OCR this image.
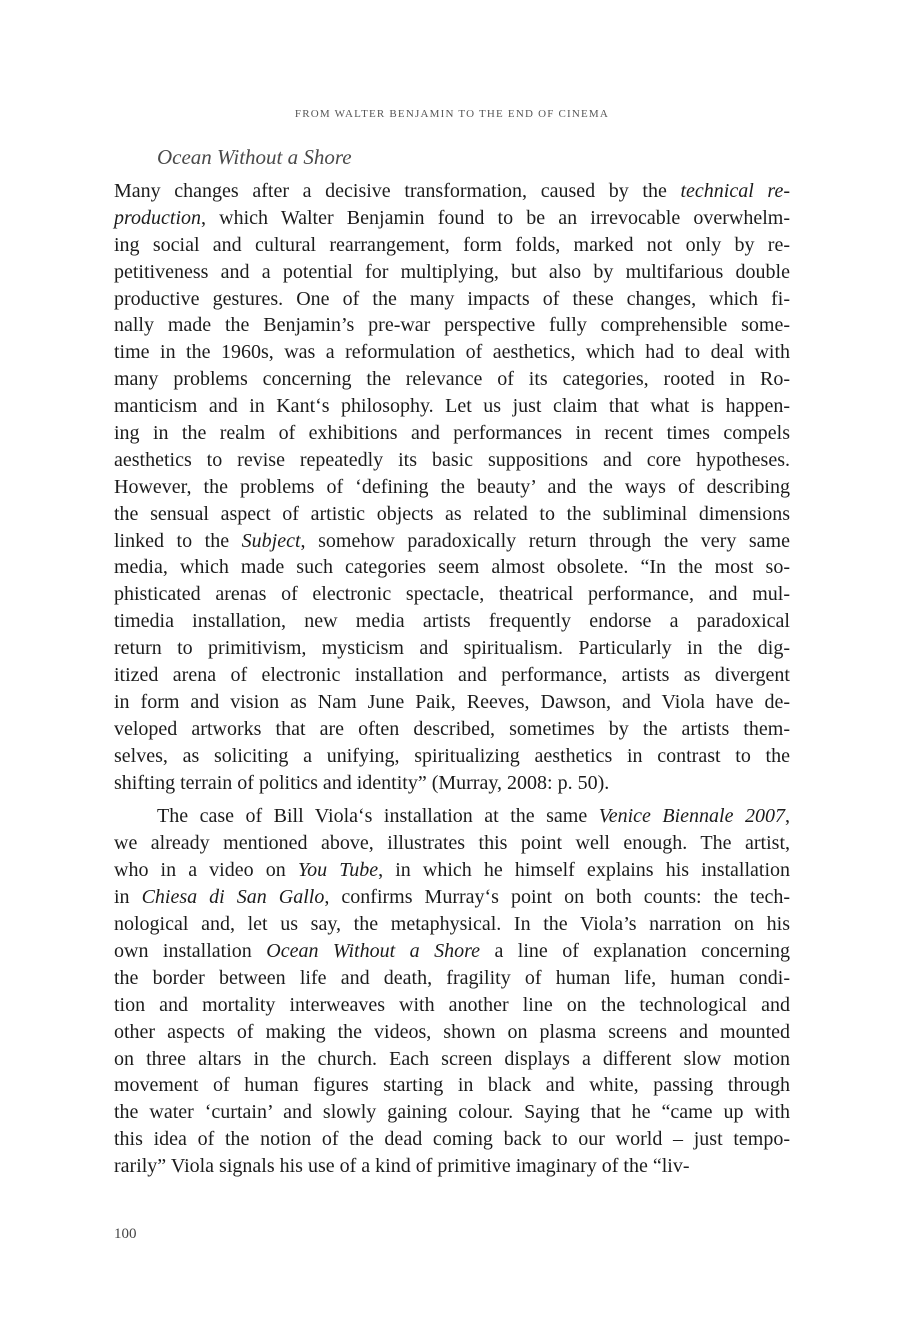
FROM WALTER BENJAMIN TO THE END OF CINEMA
Ocean Without a Shore
Many changes after a decisive transformation, caused by the technical re-
production, which Walter Benjamin found to be an irrevocable overwhelm-
ing social and cultural rearrangement, form folds, marked not only by re-
petitiveness and a potential for multiplying, but also by multifarious double
productive gestures. One of the many impacts of these changes, which fi-
nally made the Benjamin’s pre-war perspective fully comprehensible some-
time in the 1960s, was a reformulation of aesthetics, which had to deal with
many problems concerning the relevance of its categories, rooted in Ro-
manticism and in Kant‘s philosophy. Let us just claim that what is happen-
ing in the realm of exhibitions and performances in recent times compels
aesthetics to revise repeatedly its basic suppositions and core hypotheses.
However, the problems of ‘defining the beauty’ and the ways of describing
the sensual aspect of artistic objects as related to the subliminal dimensions
linked to the Subject, somehow paradoxically return through the very same
media, which made such categories seem almost obsolete. “In the most so-
phisticated arenas of electronic spectacle, theatrical performance, and mul-
timedia installation, new media artists frequently endorse a paradoxical
return to primitivism, mysticism and spiritualism. Particularly in the dig-
itized arena of electronic installation and performance, artists as divergent
in form and vision as Nam June Paik, Reeves, Dawson, and Viola have de-
veloped artworks that are often described, sometimes by the artists them-
selves, as soliciting a unifying, spiritualizing aesthetics in contrast to the
shifting terrain of politics and identity” (Murray, 2008: p. 50).
The case of Bill Viola‘s installation at the same Venice Biennale 2007,
we already mentioned above, illustrates this point well enough. The artist,
who in a video on You Tube, in which he himself explains his installation
in Chiesa di San Gallo, confirms Murray‘s point on both counts: the tech-
nological and, let us say, the metaphysical. In the Viola’s narration on his
own installation Ocean Without a Shore a line of explanation concerning
the border between life and death, fragility of human life, human condi-
tion and mortality interweaves with another line on the technological and
other aspects of making the videos, shown on plasma screens and mounted
on three altars in the church. Each screen displays a different slow motion
movement of human figures starting in black and white, passing through
the water ‘curtain’ and slowly gaining colour. Saying that he “came up with
this idea of the notion of the dead coming back to our world – just tempo-
rarily” Viola signals his use of a kind of primitive imaginary of the “liv-
100
